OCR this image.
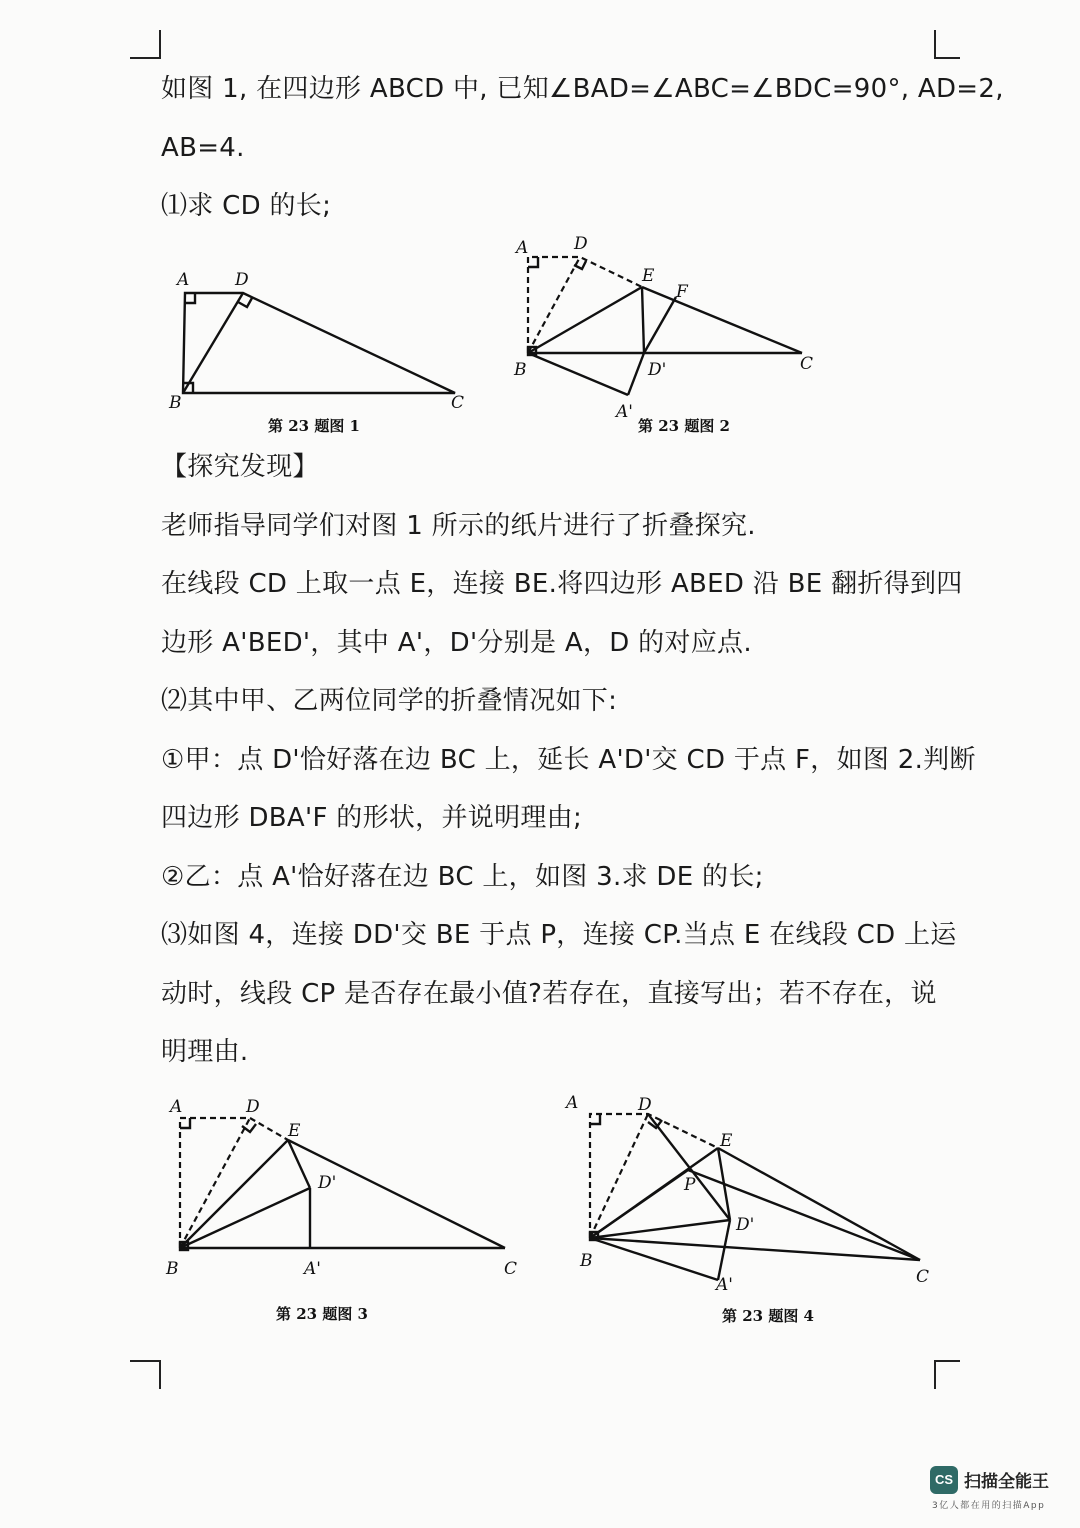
如图 1, 在四边形 ABCD 中, 已知∠BAD=∠ABC=∠BDC=90°, AD=2,
AB=4.
⑴求 CD 的长;
A	D
B	C
第 23 题图 1
A	D
E
F
B	D'	C
A'
第 23 题图 2
【探究发现】
老师指导同学们对图 1 所示的纸片进行了折叠探究.
在线段 CD 上取一点 E，连接 BE.将四边形 ABED 沿 BE 翻折得到四
边形 A'BED'，其中 A'，D'分别是 A，D 的对应点.
⑵其中甲、乙两位同学的折叠情况如下:
①甲：点 D'恰好落在边 BC 上，延长 A'D'交 CD 于点 F，如图 2.判断
四边形 DBA'F 的形状，并说明理由;
②乙：点 A'恰好落在边 BC 上，如图 3.求 DE 的长;
⑶如图 4，连接 DD'交 BE 于点 P，连接 CP.当点 E 在线段 CD 上运
动时，线段 CP 是否存在最小值?若存在，直接写出；若不存在，说
明理由.
A	D
E
D'
B	A'	C
第 23 题图 3
A	D
E
P
D'
B
A'	C
第 23 题图 4
CS 扫描全能王
3亿人都在用的扫描App
